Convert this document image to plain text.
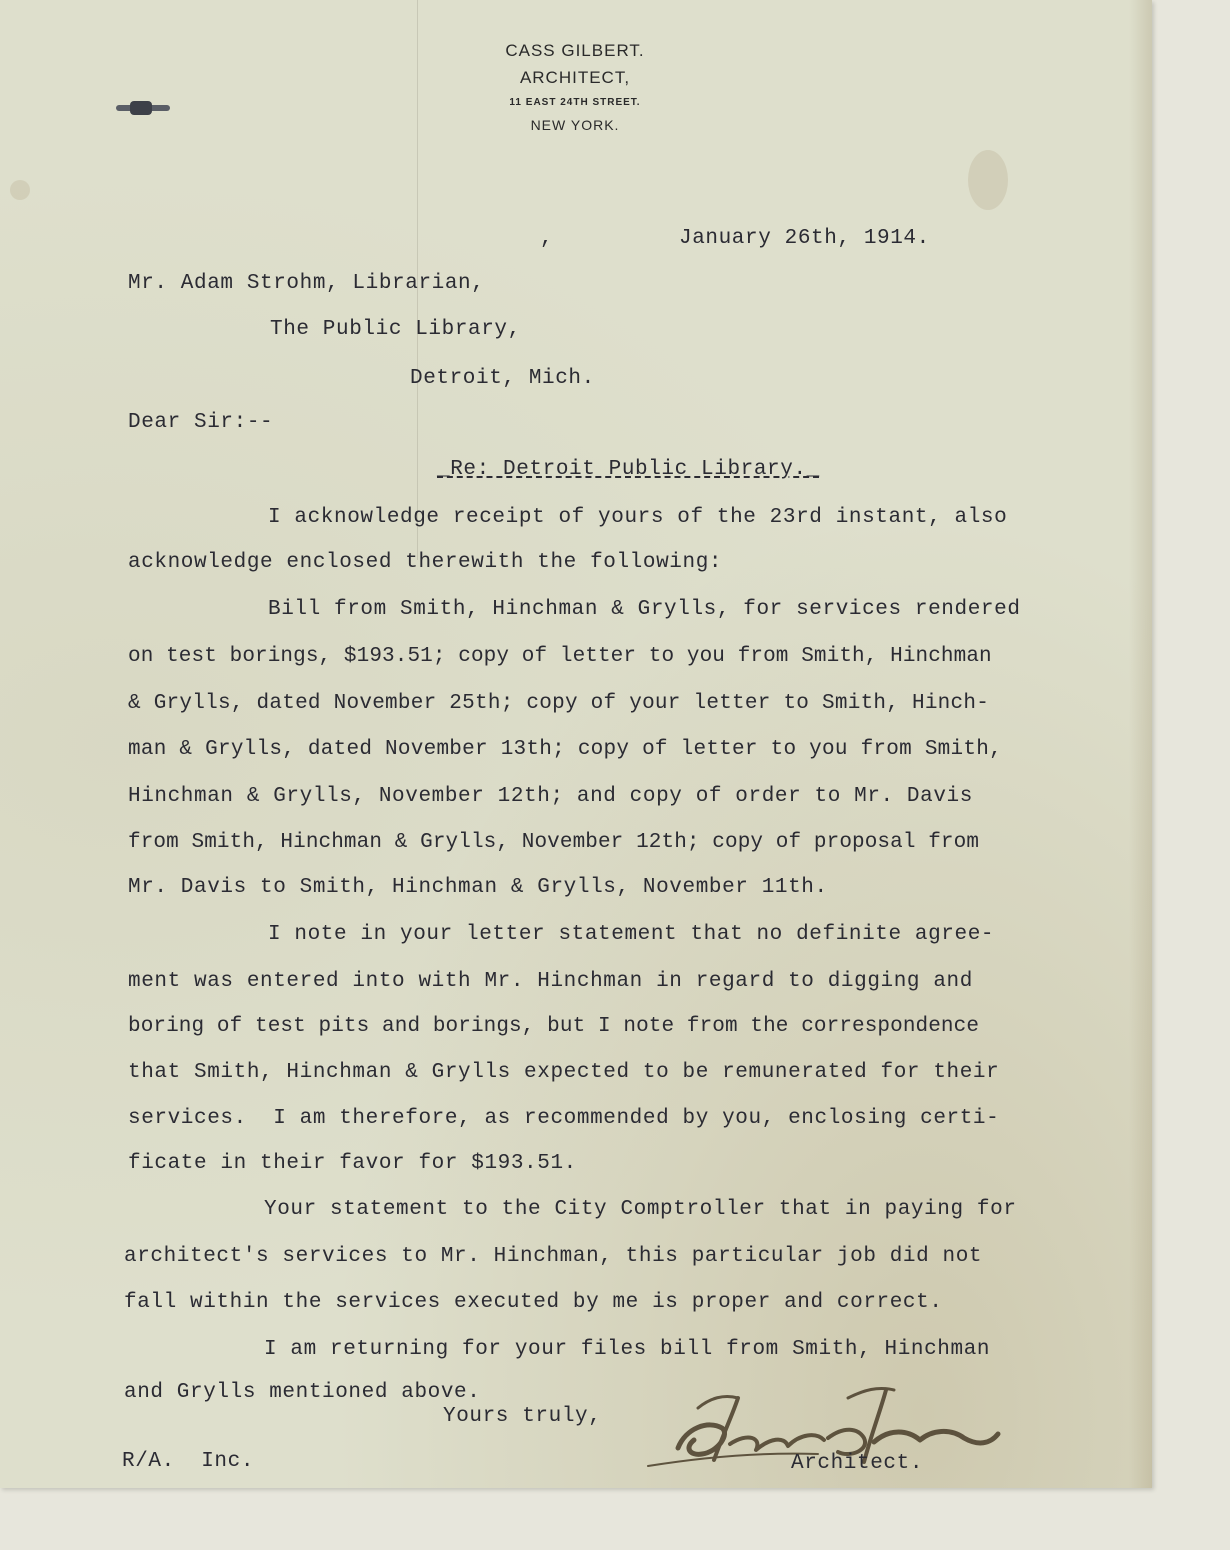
CASS GILBERT.
ARCHITECT,
11 EAST 24TH STREET.
NEW YORK.
,	January 26th, 1914.
Mr. Adam Strohm, Librarian,
The Public Library,
Detroit, Mich.
Dear Sir:--
_Re: Detroit Public Library._
I acknowledge receipt of yours of the 23rd instant, also
acknowledge enclosed therewith the following:
Bill from Smith, Hinchman & Grylls, for services rendered
on test borings, $193.51; copy of letter to you from Smith, Hinchman
& Grylls, dated November 25th; copy of your letter to Smith, Hinch-
man & Grylls, dated November 13th; copy of letter to you from Smith,
Hinchman & Grylls, November 12th; and copy of order to Mr. Davis
from Smith, Hinchman & Grylls, November 12th; copy of proposal from
Mr. Davis to Smith, Hinchman & Grylls, November 11th.
I note in your letter statement that no definite agree-
ment was entered into with Mr. Hinchman in regard to digging and
boring of test pits and borings, but I note from the correspondence
that Smith, Hinchman & Grylls expected to be remunerated for their
services.  I am therefore, as recommended by you, enclosing certi-
ficate in their favor for $193.51.
Your statement to the City Comptroller that in paying for
architect's services to Mr. Hinchman, this particular job did not
fall within the services executed by me is proper and correct.
I am returning for your files bill from Smith, Hinchman
and Grylls mentioned above.
Yours truly,
Architect.
R/A.  Inc.
